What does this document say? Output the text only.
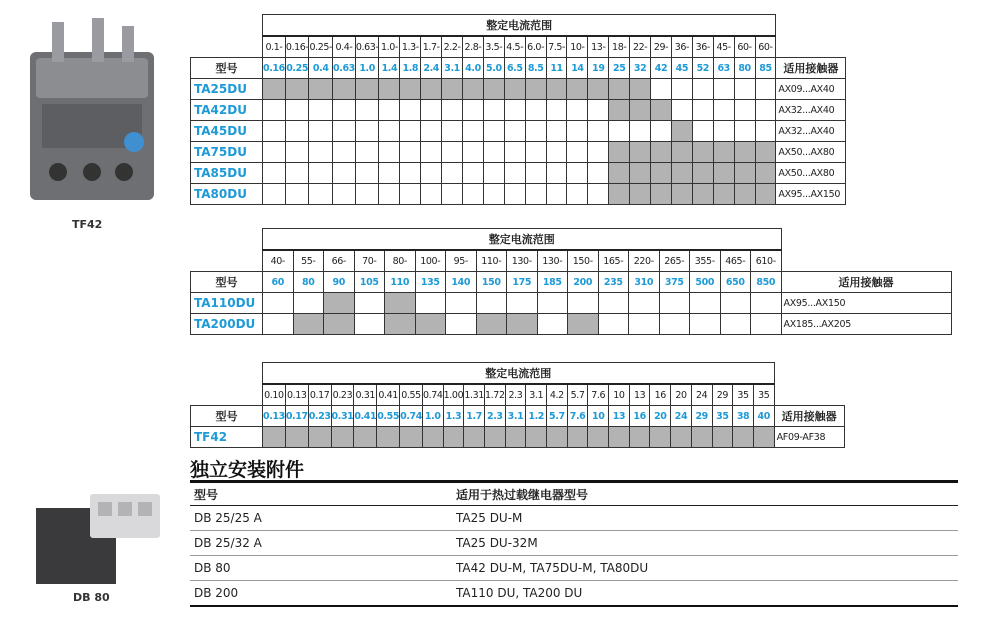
TF42
DB 80
	整定电流范围																								
	0.1-	0.16-	0.25-	0.4-	0.63-	1.0-	1.3-	1.7-	2.2-	2.8-	3.5-	4.5-	6.0-	7.5-	10-	13-	18-	22-	29-	36-	36-	45-	60-	60-	
型号	0.16	0.25	0.4	0.63	1.0	1.4	1.8	2.4	3.1	4.0	5.0	6.5	8.5	11	14	19	25	32	42	45	52	63	80	85	适用接触器
TA25DU																									AX09...AX40
TA42DU																									AX32...AX40
TA45DU																									AX32...AX40
TA75DU																									AX50...AX80
TA85DU																									AX50...AX80
TA80DU																									AX95...AX150
	整定电流范围																	
	40-	55-	66-	70-	80-	100-	95-	110-	130-	130-	150-	165-	220-	265-	355-	465-	610-	
型号	60	80	90	105	110	135	140	150	175	185	200	235	310	375	500	650	850	适用接触器
TA110DU																		AX95...AX150
TA200DU																		AX185...AX205
	整定电流范围																								
	0.10	0.13	0.17	0.23	0.31	0.41	0.55	0.74	1.00	1.31	1.72	2.3	3.1	4.2	5.7	7.6	10	13	16	20	24	29	35	35	
型号	0.13	0.17	0.23	0.31	0.41	0.55	0.74	1.0	1.3	1.7	2.3	3.1	1.2	5.7	7.6	10	13	16	20	24	29	35	38	40	适用接触器
TF42																									AF09-AF38
独立安装附件
型号	适用于热过载继电器型号
DB 25/25 A	TA25 DU-M
DB 25/32 A	TA25 DU-32M
DB 80	TA42 DU-M, TA75DU-M, TA80DU
DB 200	TA110 DU, TA200 DU
